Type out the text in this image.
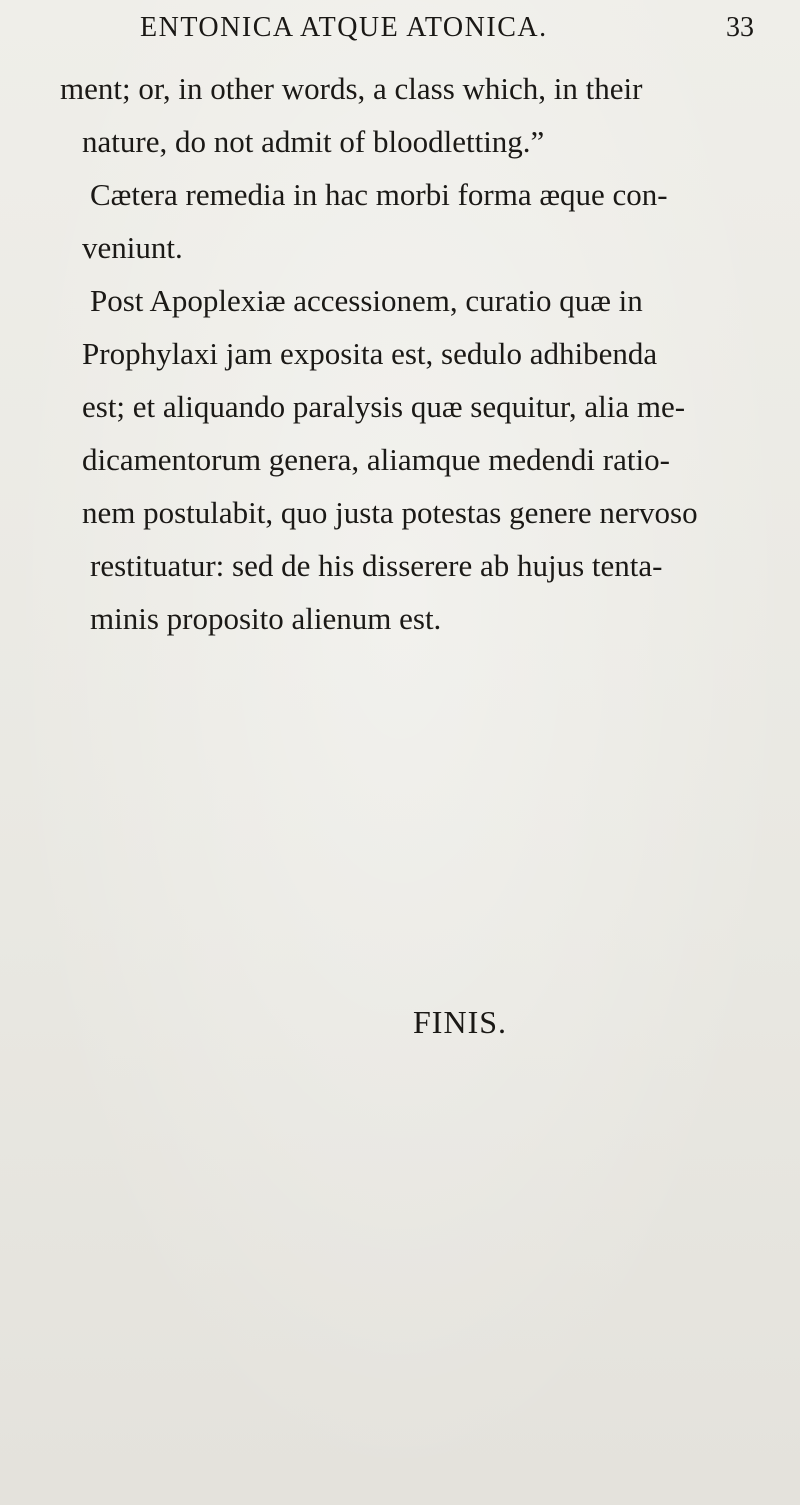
ENTONICA ATQUE ATONICA.	33

ment; or, in other words, a class which, in their

nature, do not admit of bloodletting.”

Cætera remedia in hac morbi forma æque con-

veniunt.

Post Apoplexiæ accessionem, curatio quæ in

Prophylaxi jam exposita est, sedulo adhibenda

est; et aliquando paralysis quæ sequitur, alia me-

dicamentorum genera, aliamque medendi ratio-

nem postulabit, quo justa potestas genere nervoso

restituatur: sed de his disserere ab hujus tenta-

minis proposito alienum est.

FINIS.
